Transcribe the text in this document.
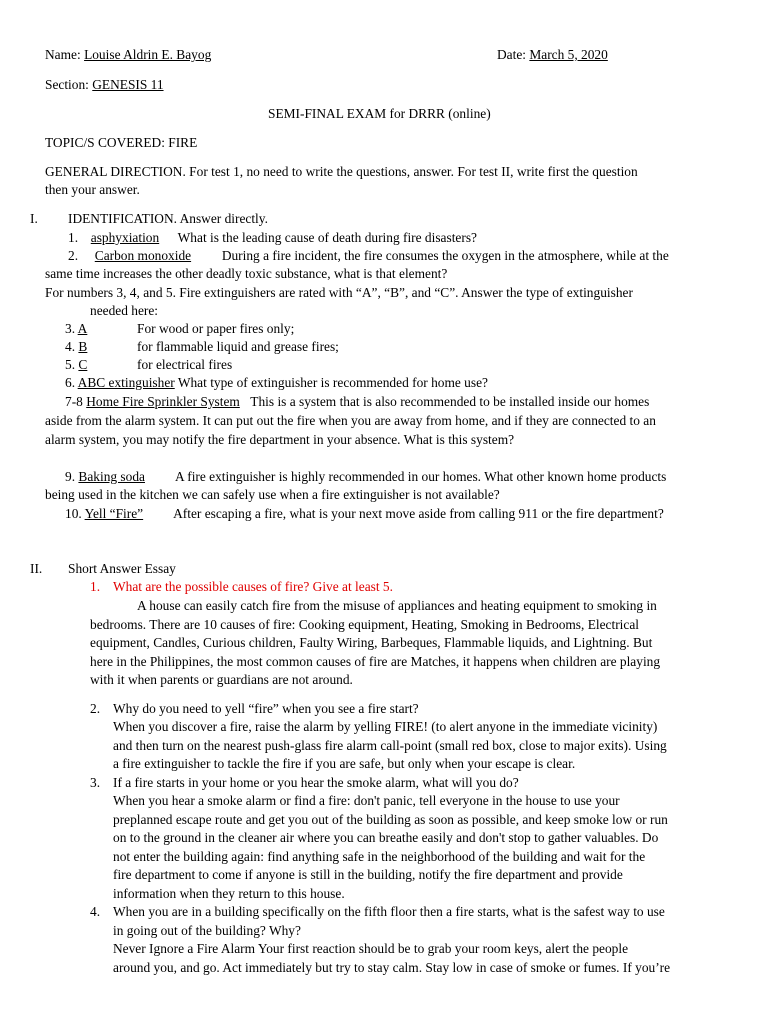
Name: Louise Aldrin E. Bayog	Date: March 5, 2020
Section: GENESIS 11
SEMI-FINAL EXAM for DRRR (online)
TOPIC/S COVERED: FIRE
GENERAL DIRECTION. For test 1, no need to write the questions, answer. For test II, write first the question
then your answer.
I. IDENTIFICATION. Answer directly.
1. asphyxiation What is the leading cause of death during fire disasters?
2. Carbon monoxide During a fire incident, the fire consumes the oxygen in the atmosphere, while at the
same time increases the other deadly toxic substance, what is that element?
For numbers 3, 4, and 5. Fire extinguishers are rated with “A”, “B”, and “C”. Answer the type of extinguisher
needed here:
3. A	For wood or paper fires only;
4. B	for flammable liquid and grease fires;
5. C	for electrical fires
6. ABC extinguisher What type of extinguisher is recommended for home use?
7-8 Home Fire Sprinkler System This is a system that is also recommended to be installed inside our homes
aside from the alarm system. It can put out the fire when you are away from home, and if they are connected to an
alarm system, you may notify the fire department in your absence. What is this system?
9. Baking soda A fire extinguisher is highly recommended in our homes. What other known home products
being used in the kitchen we can safely use when a fire extinguisher is not available?
10. Yell “Fire” After escaping a fire, what is your next move aside from calling 911 or the fire department?
II. Short Answer Essay
1. What are the possible causes of fire? Give at least 5.
A house can easily catch fire from the misuse of appliances and heating equipment to smoking in
bedrooms. There are 10 causes of fire: Cooking equipment, Heating, Smoking in Bedrooms, Electrical
equipment, Candles, Curious children, Faulty Wiring, Barbeques, Flammable liquids, and Lightning. But
here in the Philippines, the most common causes of fire are Matches, it happens when children are playing
with it when parents or guardians are not around.
2. Why do you need to yell “fire” when you see a fire start?
When you discover a fire, raise the alarm by yelling FIRE! (to alert anyone in the immediate vicinity)
and then turn on the nearest push-glass fire alarm call-point (small red box, close to major exits). Using
a fire extinguisher to tackle the fire if you are safe, but only when your escape is clear.
3. If a fire starts in your home or you hear the smoke alarm, what will you do?
When you hear a smoke alarm or find a fire: don't panic, tell everyone in the house to use your
preplanned escape route and get you out of the building as soon as possible, and keep smoke low or run
on to the ground in the cleaner air where you can breathe easily and don't stop to gather valuables. Do
not enter the building again: find anything safe in the neighborhood of the building and wait for the
fire department to come if anyone is still in the building, notify the fire department and provide
information when they return to this house.
4. When you are in a building specifically on the fifth floor then a fire starts, what is the safest way to use
in going out of the building? Why?
Never Ignore a Fire Alarm Your first reaction should be to grab your room keys, alert the people
around you, and go. Act immediately but try to stay calm. Stay low in case of smoke or fumes. If you’re
